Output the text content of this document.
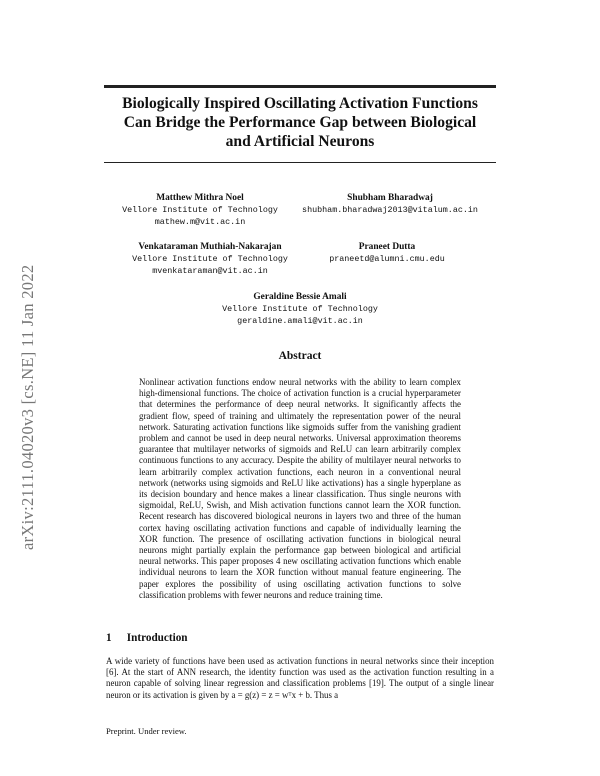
Biologically Inspired Oscillating Activation Functions
Can Bridge the Performance Gap between Biological
and Artificial Neurons
arXiv:2111.04020v3 [cs.NE] 11 Jan 2022
Matthew Mithra Noel
Vellore Institute of Technology
mathew.m@vit.ac.in
Shubham Bharadwaj
shubham.bharadwaj2013@vitalum.ac.in
Venkataraman Muthiah-Nakarajan
Vellore Institute of Technology
mvenkataraman@vit.ac.in
Praneet Dutta
praneetd@alumni.cmu.edu
Geraldine Bessie Amali
Vellore Institute of Technology
geraldine.amali@vit.ac.in
Abstract
Nonlinear activation functions endow neural networks with the ability to learn complex high-dimensional functions. The choice of activation function is a crucial hyperparameter that determines the performance of deep neural networks. It significantly affects the gradient flow, speed of training and ultimately the representation power of the neural network. Saturating activation functions like sigmoids suffer from the vanishing gradient problem and cannot be used in deep neural networks. Universal approximation theorems guarantee that multilayer networks of sigmoids and ReLU can learn arbitrarily complex continuous functions to any accuracy. Despite the ability of multilayer neural networks to learn arbitrarily complex activation functions, each neuron in a conventional neural network (networks using sigmoids and ReLU like activations) has a single hyperplane as its decision boundary and hence makes a linear classification. Thus single neurons with sigmoidal, ReLU, Swish, and Mish activation functions cannot learn the XOR function. Recent research has discovered biological neurons in layers two and three of the human cortex having oscillating activation functions and capable of individually learning the XOR function. The presence of oscillating activation functions in biological neural neurons might partially explain the performance gap between biological and artificial neural networks. This paper proposes 4 new oscillating activation functions which enable individual neurons to learn the XOR function without manual feature engineering. The paper explores the possibility of using oscillating activation functions to solve classification problems with fewer neurons and reduce training time.
1 Introduction
A wide variety of functions have been used as activation functions in neural networks since their inception [6]. At the start of ANN research, the identity function was used as the activation function resulting in a neuron capable of solving linear regression and classification problems [19]. The output of a single linear neuron or its activation is given by a = g(z) = z = wᵀx + b. Thus a
Preprint. Under review.
